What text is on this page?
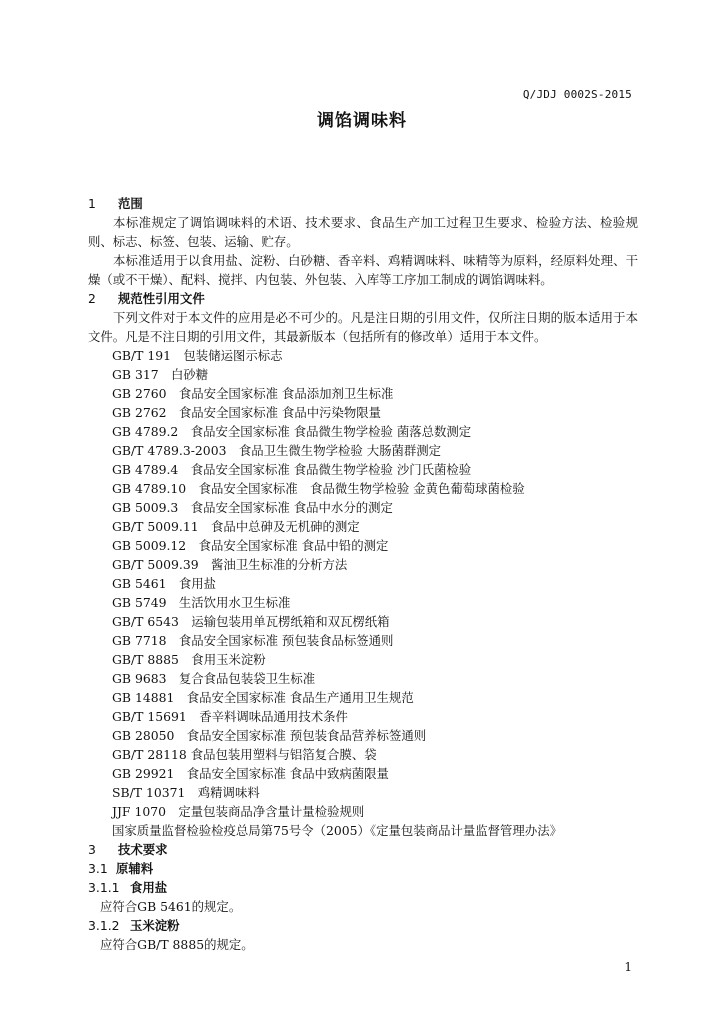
Q/JDJ 0002S-2015
调馅调味料
1 范围
本标准规定了调馅调味料的术语、技术要求、食品生产加工过程卫生要求、检验方法、检验规则、标志、标签、包装、运输、贮存。
本标准适用于以食用盐、淀粉、白砂糖、香辛料、鸡精调味料、味精等为原料，经原料处理、干燥（或不干燥）、配料、搅拌、内包装、外包装、入库等工序加工制成的调馅调味料。
2 规范性引用文件
下列文件对于本文件的应用是必不可少的。凡是注日期的引用文件，仅所注日期的版本适用于本文件。凡是不注日期的引用文件，其最新版本（包括所有的修改单）适用于本文件。
GB/T 191　包装储运图示标志
GB 317　白砂糖
GB 2760　食品安全国家标准 食品添加剂卫生标准
GB 2762　食品安全国家标准 食品中污染物限量
GB 4789.2　食品安全国家标准 食品微生物学检验 菌落总数测定
GB/T 4789.3-2003　食品卫生微生物学检验 大肠菌群测定
GB 4789.4　食品安全国家标准 食品微生物学检验 沙门氏菌检验
GB 4789.10　食品安全国家标准　食品微生物学检验 金黄色葡萄球菌检验
GB 5009.3　食品安全国家标准 食品中水分的测定
GB/T 5009.11　食品中总砷及无机砷的测定
GB 5009.12　食品安全国家标准 食品中铅的测定
GB/T 5009.39　酱油卫生标准的分析方法
GB 5461　食用盐
GB 5749　生活饮用水卫生标准
GB/T 6543　运输包装用单瓦楞纸箱和双瓦楞纸箱
GB 7718　食品安全国家标准 预包装食品标签通则
GB/T 8885　食用玉米淀粉
GB 9683　复合食品包装袋卫生标准
GB 14881　食品安全国家标准 食品生产通用卫生规范
GB/T 15691　香辛料调味品通用技术条件
GB 28050　食品安全国家标准 预包装食品营养标签通则
GB/T 28118 食品包装用塑料与铝箔复合膜、袋
GB 29921　食品安全国家标准 食品中致病菌限量
SB/T 10371　鸡精调味料
JJF 1070　定量包装商品净含量计量检验规则
国家质量监督检验检疫总局第75号令（2005）《定量包装商品计量监督管理办法》
3 技术要求
3.1 原辅料
3.1.1 食用盐
应符合GB 5461的规定。
3.1.2 玉米淀粉
应符合GB/T 8885的规定。
1
